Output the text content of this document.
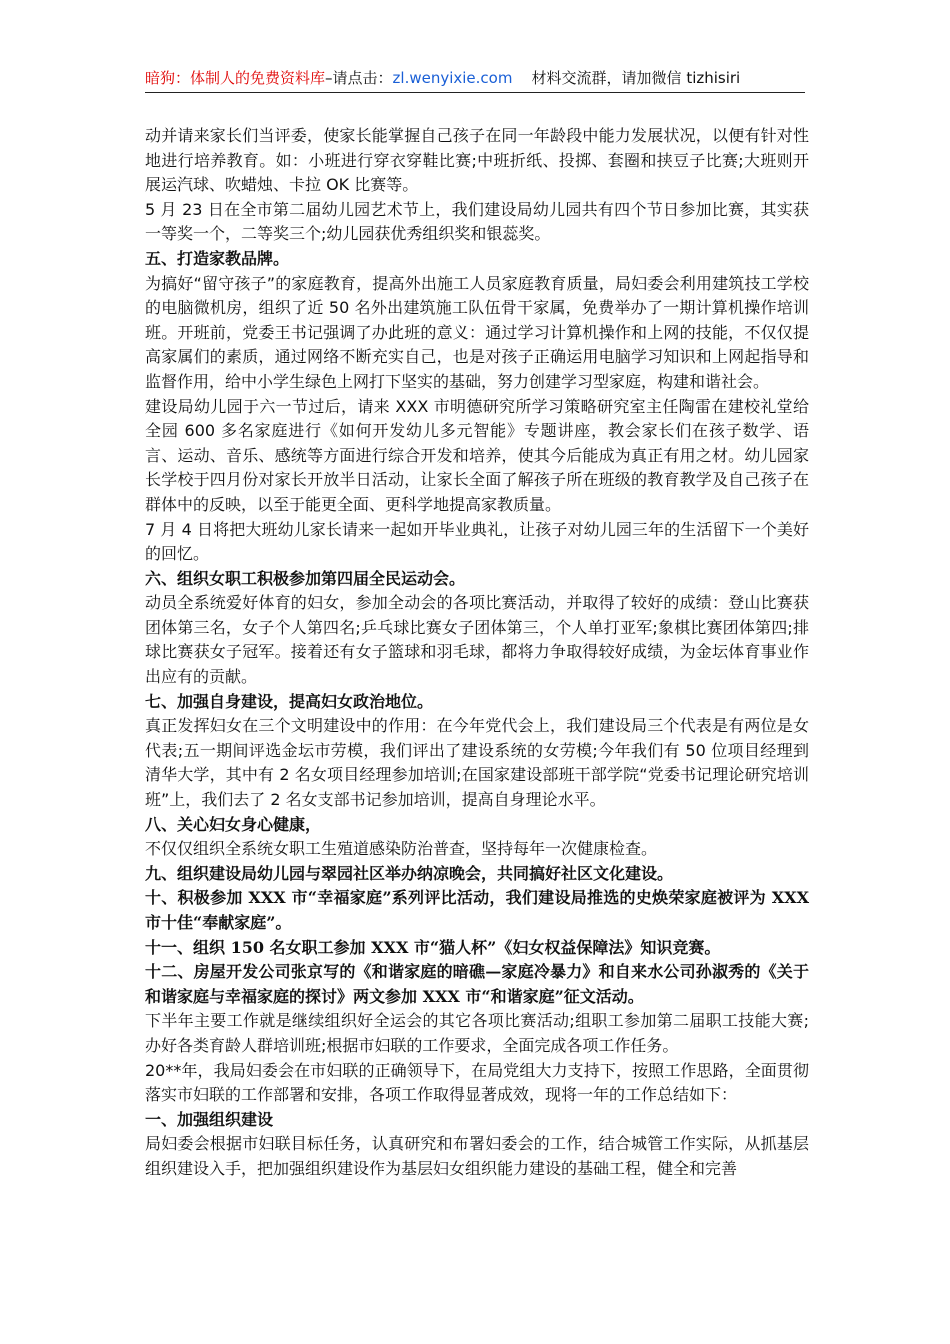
暗狗：体制人的免费资料库–请点击：zl.wenyixie.com 材料交流群，请加微信 tizhisiri

动并请来家长们当评委，使家长能掌握自己孩子在同一年龄段中能力发展状况，以便有针对性地进行培养教育。如：小班进行穿衣穿鞋比赛;中班折纸、投掷、套圈和挟豆子比赛;大班则开展运汽球、吹蜡烛、卡拉 OK 比赛等。

5 月 23 日在全市第二届幼儿园艺术节上，我们建设局幼儿园共有四个节日参加比赛，其实获一等奖一个，二等奖三个;幼儿园获优秀组织奖和银蕊奖。

五、打造家教品牌。

为搞好“留守孩子”的家庭教育，提高外出施工人员家庭教育质量，局妇委会利用建筑技工学校的电脑微机房，组织了近 50 名外出建筑施工队伍骨干家属，免费举办了一期计算机操作培训班。开班前，党委王书记强调了办此班的意义：通过学习计算机操作和上网的技能，不仅仅提高家属们的素质，通过网络不断充实自己，也是对孩子正确运用电脑学习知识和上网起指导和监督作用，给中小学生绿色上网打下坚实的基础，努力创建学习型家庭，构建和谐社会。

建设局幼儿园于六一节过后，请来 XXX 市明德研究所学习策略研究室主任陶雷在建校礼堂给全园 600 多名家庭进行《如何开发幼儿多元智能》专题讲座，教会家长们在孩子数学、语言、运动、音乐、感统等方面进行综合开发和培养，使其今后能成为真正有用之材。幼儿园家长学校于四月份对家长开放半日活动，让家长全面了解孩子所在班级的教育教学及自己孩子在群体中的反映，以至于能更全面、更科学地提高家教质量。

7 月 4 日将把大班幼儿家长请来一起如开毕业典礼，让孩子对幼儿园三年的生活留下一个美好的回忆。

六、组织女职工积极参加第四届全民运动会。

动员全系统爱好体育的妇女，参加全动会的各项比赛活动，并取得了较好的成绩：登山比赛获团体第三名，女子个人第四名;乒乓球比赛女子团体第三，个人单打亚军;象棋比赛团体第四;排球比赛获女子冠军。接着还有女子篮球和羽毛球，都将力争取得较好成绩，为金坛体育事业作出应有的贡献。

七、加强自身建设，提高妇女政治地位。

真正发挥妇女在三个文明建设中的作用：在今年党代会上，我们建设局三个代表是有两位是女代表;五一期间评选金坛市劳模，我们评出了建设系统的女劳模;今年我们有 50 位项目经理到清华大学，其中有 2 名女项目经理参加培训;在国家建设部班干部学院“党委书记理论研究培训班”上，我们去了 2 名女支部书记参加培训，提高自身理论水平。

八、关心妇女身心健康，

不仅仅组织全系统女职工生殖道感染防治普查，坚持每年一次健康检查。

九、组织建设局幼儿园与翠园社区举办纳凉晚会，共同搞好社区文化建设。

十、积极参加 XXX 市“幸福家庭”系列评比活动，我们建设局推选的史焕荣家庭被评为 XXX 市十佳“奉献家庭”。

十一、组织 150 名女职工参加 XXX 市“猫人杯”《妇女权益保障法》知识竞赛。

十二、房屋开发公司张京写的《和谐家庭的暗礁—家庭冷暴力》和自来水公司孙淑秀的《关于和谐家庭与幸福家庭的探讨》两文参加 XXX 市“和谐家庭”征文活动。

下半年主要工作就是继续组织好全运会的其它各项比赛活动;组职工参加第二届职工技能大赛;办好各类育龄人群培训班;根据市妇联的工作要求，全面完成各项工作任务。

20**年，我局妇委会在市妇联的正确领导下，在局党组大力支持下，按照工作思路，全面贯彻落实市妇联的工作部署和安排，各项工作取得显著成效，现将一年的工作总结如下：

一、加强组织建设

局妇委会根据市妇联目标任务，认真研究和布署妇委会的工作，结合城管工作实际，从抓基层组织建设入手，把加强组织建设作为基层妇女组织能力建设的基础工程，健全和完善
